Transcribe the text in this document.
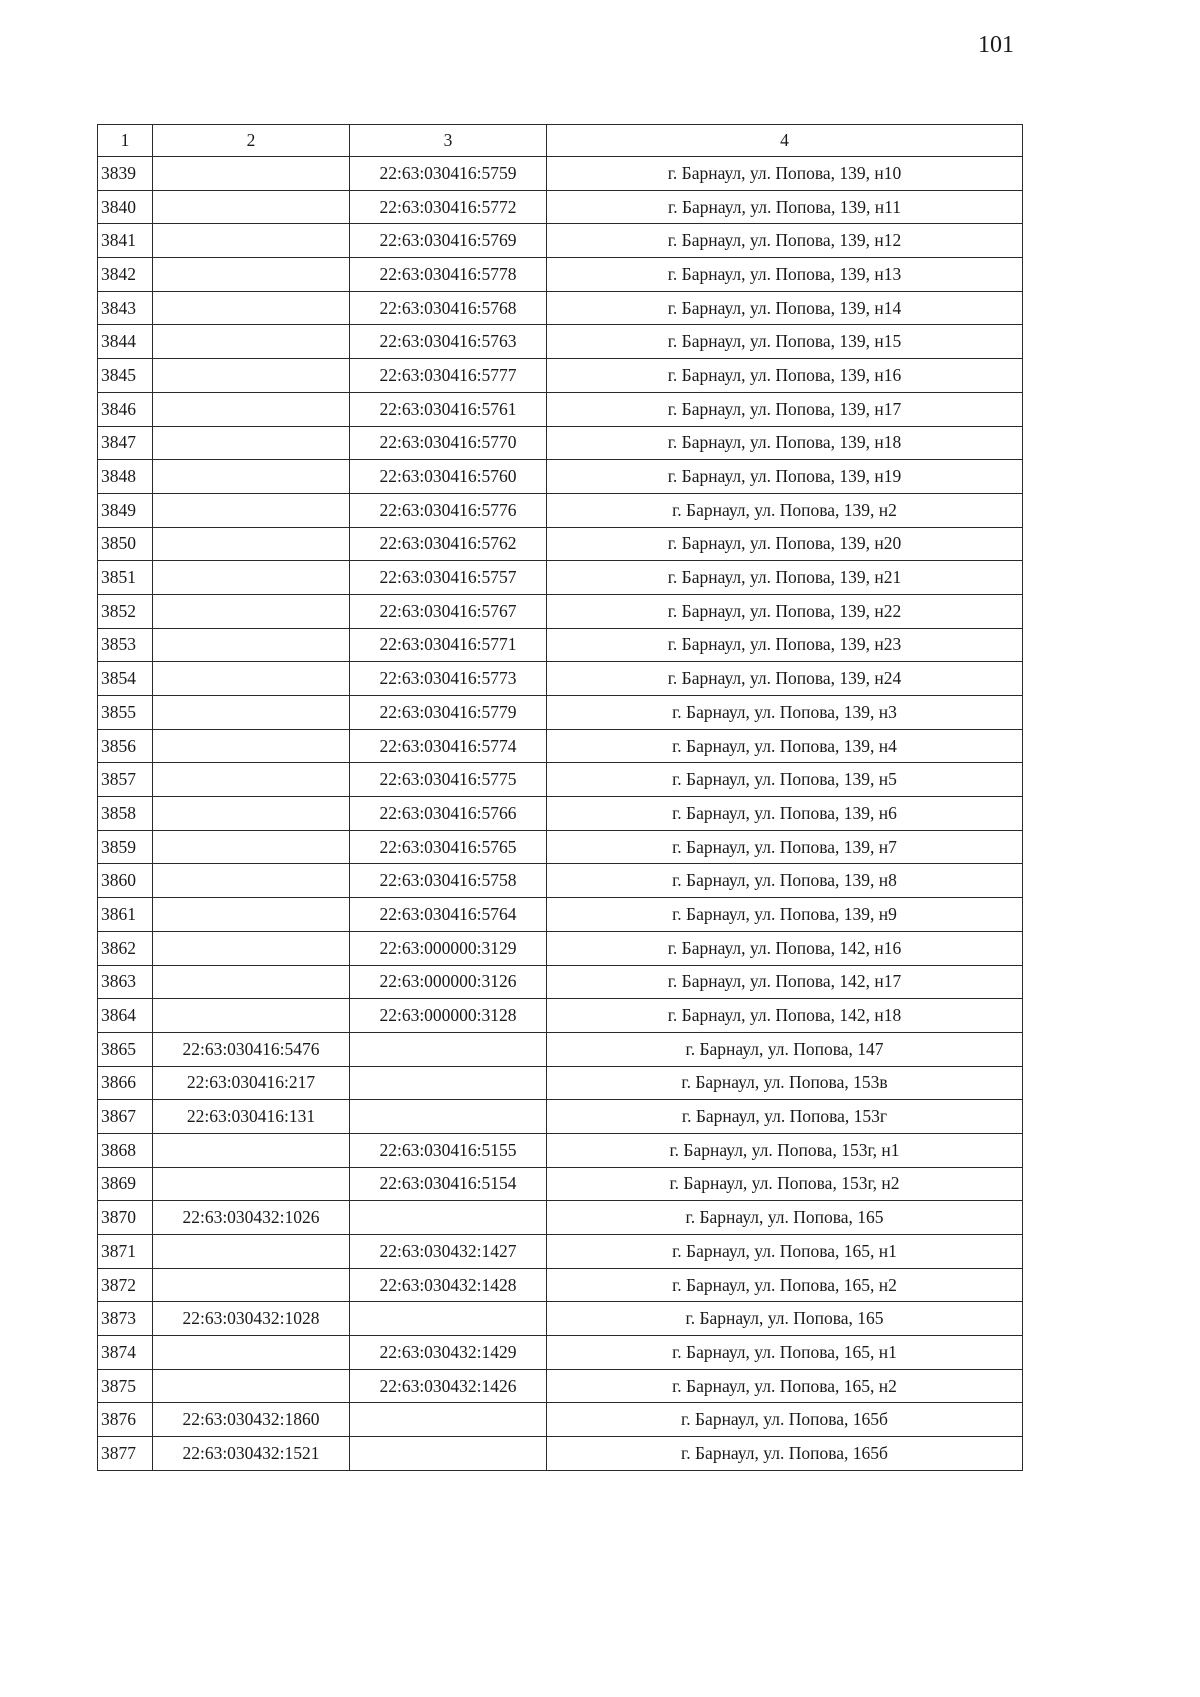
101
1	2	3	4
3839		22:63:030416:5759	г. Барнаул, ул. Попова, 139, н10
3840		22:63:030416:5772	г. Барнаул, ул. Попова, 139, н11
3841		22:63:030416:5769	г. Барнаул, ул. Попова, 139, н12
3842		22:63:030416:5778	г. Барнаул, ул. Попова, 139, н13
3843		22:63:030416:5768	г. Барнаул, ул. Попова, 139, н14
3844		22:63:030416:5763	г. Барнаул, ул. Попова, 139, н15
3845		22:63:030416:5777	г. Барнаул, ул. Попова, 139, н16
3846		22:63:030416:5761	г. Барнаул, ул. Попова, 139, н17
3847		22:63:030416:5770	г. Барнаул, ул. Попова, 139, н18
3848		22:63:030416:5760	г. Барнаул, ул. Попова, 139, н19
3849		22:63:030416:5776	г. Барнаул, ул. Попова, 139, н2
3850		22:63:030416:5762	г. Барнаул, ул. Попова, 139, н20
3851		22:63:030416:5757	г. Барнаул, ул. Попова, 139, н21
3852		22:63:030416:5767	г. Барнаул, ул. Попова, 139, н22
3853		22:63:030416:5771	г. Барнаул, ул. Попова, 139, н23
3854		22:63:030416:5773	г. Барнаул, ул. Попова, 139, н24
3855		22:63:030416:5779	г. Барнаул, ул. Попова, 139, н3
3856		22:63:030416:5774	г. Барнаул, ул. Попова, 139, н4
3857		22:63:030416:5775	г. Барнаул, ул. Попова, 139, н5
3858		22:63:030416:5766	г. Барнаул, ул. Попова, 139, н6
3859		22:63:030416:5765	г. Барнаул, ул. Попова, 139, н7
3860		22:63:030416:5758	г. Барнаул, ул. Попова, 139, н8
3861		22:63:030416:5764	г. Барнаул, ул. Попова, 139, н9
3862		22:63:000000:3129	г. Барнаул, ул. Попова, 142, н16
3863		22:63:000000:3126	г. Барнаул, ул. Попова, 142, н17
3864		22:63:000000:3128	г. Барнаул, ул. Попова, 142, н18
3865	22:63:030416:5476		г. Барнаул, ул. Попова, 147
3866	22:63:030416:217		г. Барнаул, ул. Попова, 153в
3867	22:63:030416:131		г. Барнаул, ул. Попова, 153г
3868		22:63:030416:5155	г. Барнаул, ул. Попова, 153г, н1
3869		22:63:030416:5154	г. Барнаул, ул. Попова, 153г, н2
3870	22:63:030432:1026		г. Барнаул, ул. Попова, 165
3871		22:63:030432:1427	г. Барнаул, ул. Попова, 165, н1
3872		22:63:030432:1428	г. Барнаул, ул. Попова, 165, н2
3873	22:63:030432:1028		г. Барнаул, ул. Попова, 165
3874		22:63:030432:1429	г. Барнаул, ул. Попова, 165, н1
3875		22:63:030432:1426	г. Барнаул, ул. Попова, 165, н2
3876	22:63:030432:1860		г. Барнаул, ул. Попова, 165б
3877	22:63:030432:1521		г. Барнаул, ул. Попова, 165б
